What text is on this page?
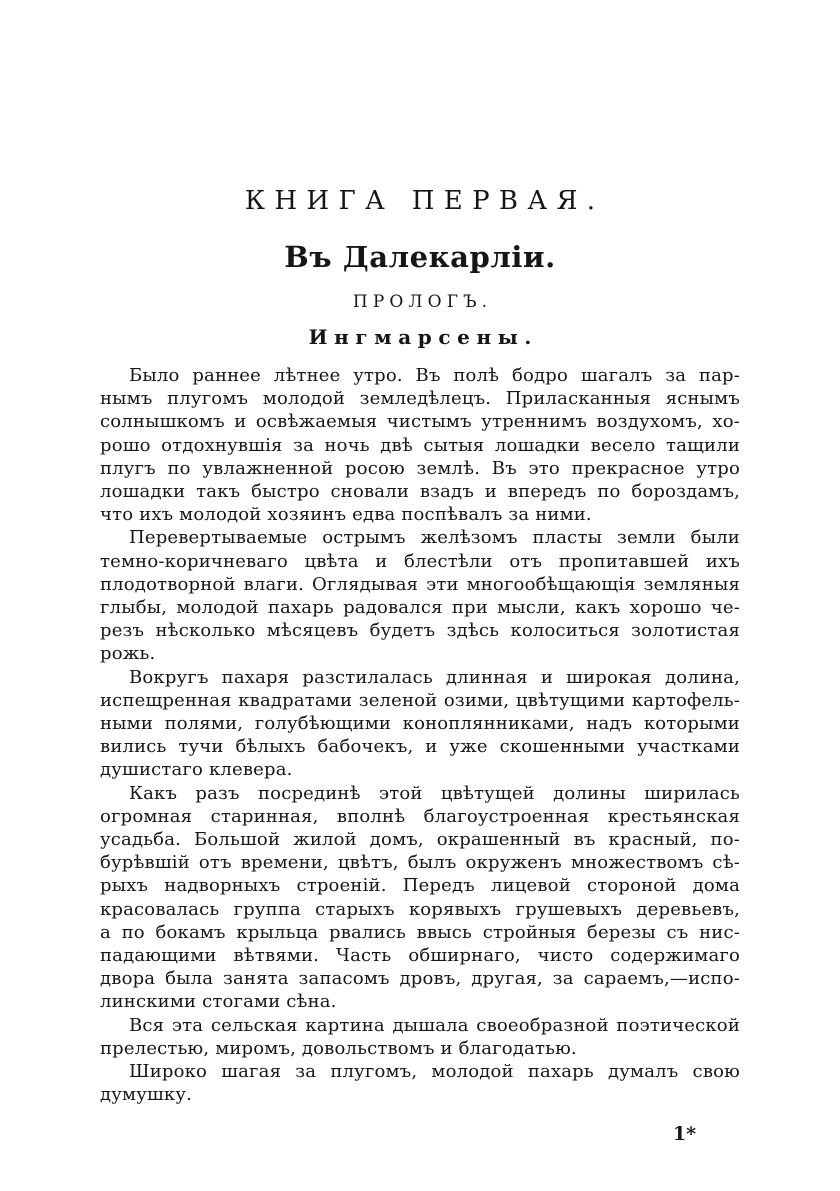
КНИГА ПЕРВАЯ.
Въ Далекарліи.
ПРОЛОГЪ.
Ингмарсены.
Было раннее лѣтнее утро. Въ полѣ бодро шагалъ за пар-
нымъ плугомъ молодой земледѣлецъ. Приласканныя яснымъ
солнышкомъ и освѣжаемыя чистымъ утреннимъ воздухомъ, хо-
рошо отдохнувшія за ночь двѣ сытыя лошадки весело тащили
плугъ по увлажненной росою землѣ. Въ это прекрасное утро
лошадки такъ быстро сновали взадъ и впередъ по бороздамъ,
что ихъ молодой хозяинъ едва поспѣвалъ за ними.
Перевертываемые острымъ желѣзомъ пласты земли были
темно-коричневаго цвѣта и блестѣли отъ пропитавшей ихъ
плодотворной влаги. Оглядывая эти многообѣщающія земляныя
глыбы, молодой пахарь радовался при мысли, какъ хорошо че-
резъ нѣсколько мѣсяцевъ будетъ здѣсь колоситься золотистая
рожь.
Вокругъ пахаря разстилалась длинная и широкая долина,
испещренная квадратами зеленой озими, цвѣтущими картофель-
ными полями, голубѣющими коноплянниками, надъ которыми
вились тучи бѣлыхъ бабочекъ, и уже скошенными участками
душистаго клевера.
Какъ разъ посрединѣ этой цвѣтущей долины ширилась
огромная старинная, вполнѣ благоустроенная крестьянская
усадьба. Большой жилой домъ, окрашенный въ красный, по-
бурѣвшій отъ времени, цвѣтъ, былъ окруженъ множествомъ сѣ-
рыхъ надворныхъ строеній. Передъ лицевой стороной дома
красовалась группа старыхъ корявыхъ грушевыхъ деревьевъ,
а по бокамъ крыльца рвались ввысь стройныя березы съ нис-
падающими вѣтвями. Часть обширнаго, чисто содержимаго
двора была занята запасомъ дровъ, другая, за сараемъ,—испо-
линскими стогами сѣна.
Вся эта сельская картина дышала своеобразной поэтической
прелестью, миромъ, довольствомъ и благодатью.
Широко шагая за плугомъ, молодой пахарь думалъ свою
думушку.
1*
